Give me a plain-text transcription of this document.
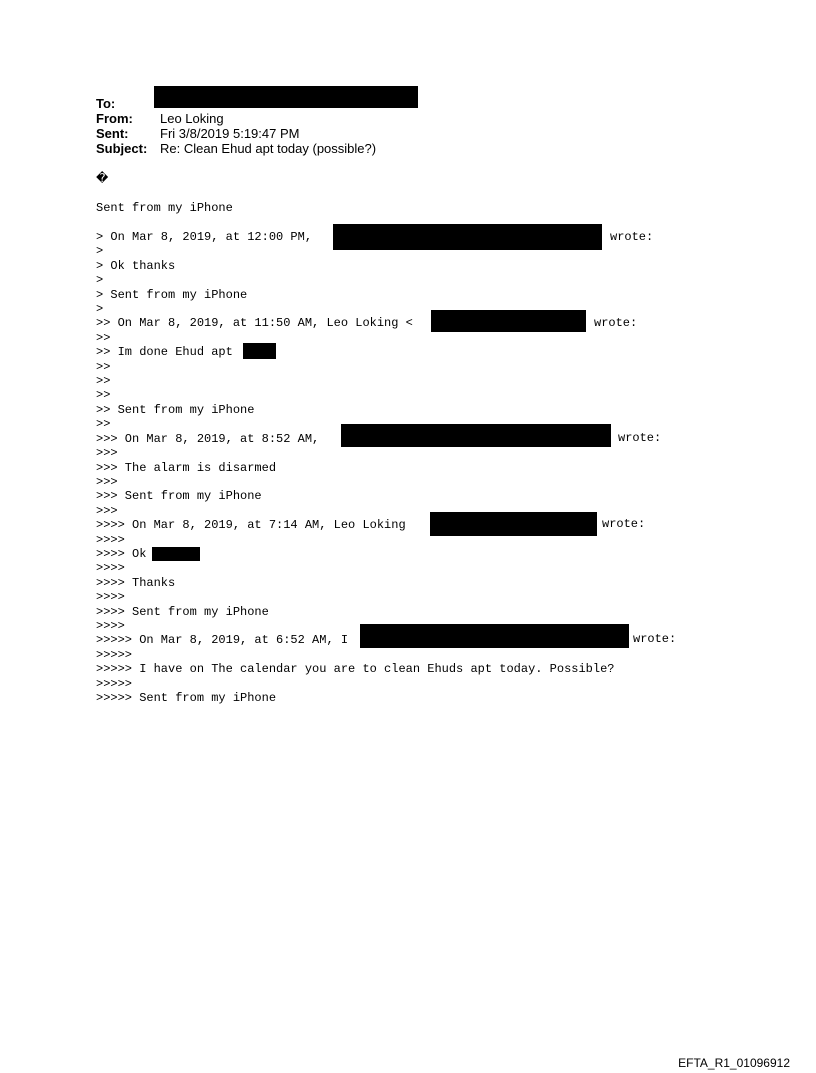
To:
From: Leo Loking
Sent: Fri 3/8/2019 5:19:47 PM
Subject: Re: Clean Ehud apt today (possible?)
�
Sent from my iPhone
> On Mar 8, 2019, at 12:00 PM,
>
> Ok thanks
>
> Sent from my iPhone
>
>> On Mar 8, 2019, at 11:50 AM, Leo Loking <
>>
>> Im done Ehud apt
>>
>>
>>
>> Sent from my iPhone
>>
>>> On Mar 8, 2019, at 8:52 AM,
>>>
>>> The alarm is disarmed
>>>
>>> Sent from my iPhone
>>>
>>>> On Mar 8, 2019, at 7:14 AM, Leo Loking
>>>>
>>>> Ok
>>>>
>>>> Thanks
>>>>
>>>> Sent from my iPhone
>>>>
>>>>> On Mar 8, 2019, at 6:52 AM, I
>>>>>
>>>>> I have on The calendar you are to clean Ehuds apt today. Possible?
>>>>>
>>>>> Sent from my iPhone
wrote:
wrote:
wrote:
wrote:
wrote:
EFTA_R1_01096912
